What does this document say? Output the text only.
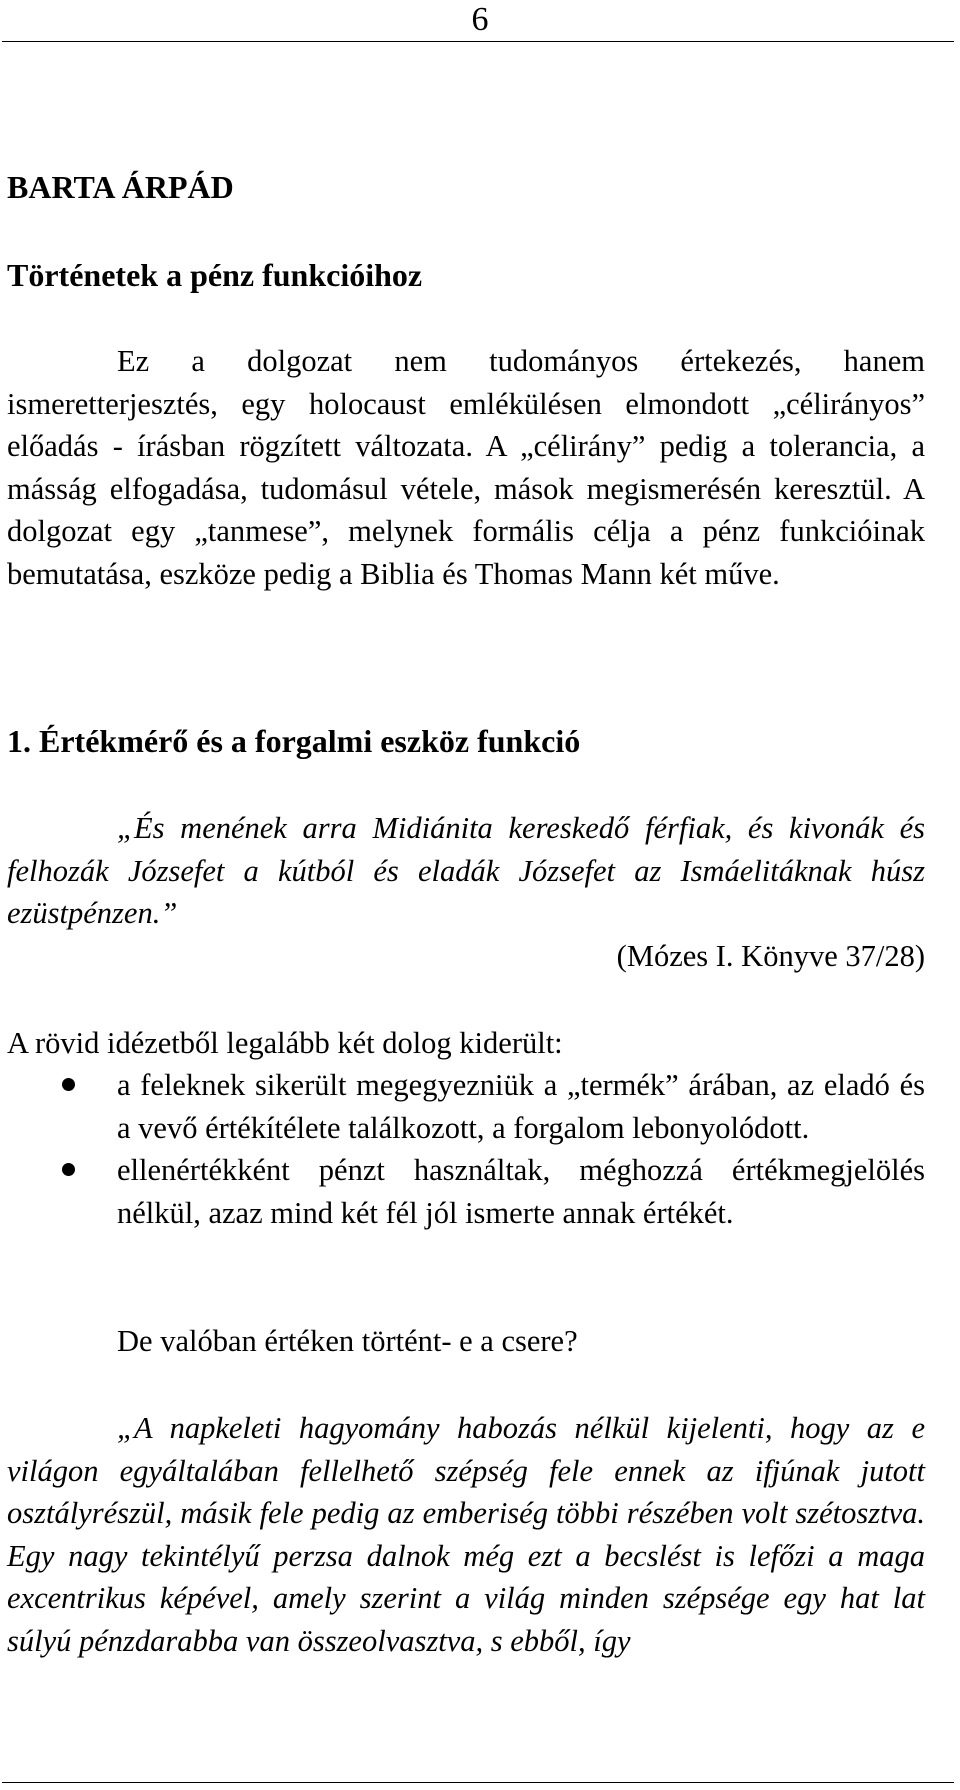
6
BARTA ÁRPÁD
Történetek a pénz funkcióihoz
Ez a dolgozat nem tudományos értekezés, hanem ismeretterjesztés, egy holocaust emlékülésen elmondott „célirányos” előadás - írásban rögzített változata. A „célirány” pedig a tolerancia, a másság elfogadása, tudomásul vétele, mások megismerésén keresztül. A dolgozat egy „tanmese”, melynek formális célja a pénz funkcióinak bemutatása, eszköze pedig a Biblia és Thomas Mann két műve.
1. Értékmérő és a forgalmi eszköz funkció
„És menének arra Midiánita kereskedő férfiak, és kivonák és felhozák Józsefet a kútból és eladák Józsefet az Ismáelitáknak húsz ezüstpénzen.”
(Mózes I. Könyve 37/28)
A rövid idézetből legalább két dolog kiderült:
a feleknek sikerült megegyezniük a „termék” árában, az eladó és a vevő értékítélete találkozott, a forgalom lebonyolódott.
ellenértékként pénzt használtak, méghozzá értékmegjelölés nélkül, azaz mind két fél jól ismerte annak értékét.
De valóban értéken történt- e a csere?
„A napkeleti hagyomány habozás nélkül kijelenti, hogy az e világon egyáltalában fellelhető szépség fele ennek az ifjúnak jutott osztályrészül, másik fele pedig az emberiség többi részében volt szétosztva. Egy nagy tekintélyű perzsa dalnok még ezt a becslést is lefőzi a maga excentrikus képével, amely szerint a világ minden szépsége egy hat lat súlyú pénzdarabba van összeolvasztva, s ebből, így
